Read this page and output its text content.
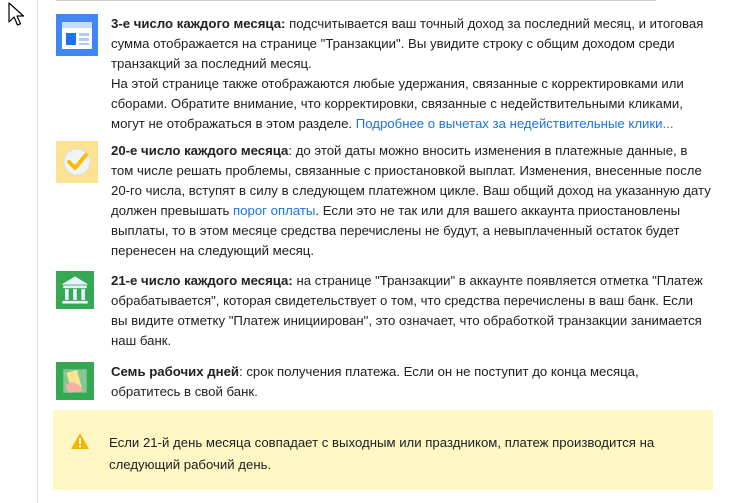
3-е число каждого месяца: подсчитывается ваш точный доход за последний месяц, и итоговая сумма отображается на странице "Транзакции". Вы увидите строку с общим доходом среди транзакций за последний месяц.
На этой странице также отображаются любые удержания, связанные с корректировками или сборами. Обратите внимание, что корректировки, связанные с недействительными кликами, могут не отображаться в этом разделе. Подробнее о вычетах за недействительные клики...
20-е число каждого месяца: до этой даты можно вносить изменения в платежные данные, в том числе решать проблемы, связанные с приостановкой выплат. Изменения, внесенные после 20-го числа, вступят в силу в следующем платежном цикле. Ваш общий доход на указанную дату должен превышать порог оплаты. Если это не так или для вашего аккаунта приостановлены выплаты, то в этом месяце средства перечислены не будут, а невыплаченный остаток будет перенесен на следующий месяц.
21-е число каждого месяца: на странице "Транзакции" в аккаунте появляется отметка "Платеж обрабатывается", которая свидетельствует о том, что средства перечислены в ваш банк. Если вы видите отметку "Платеж инициирован", это означает, что обработкой транзакции занимается наш банк.
Семь рабочих дней: срок получения платежа. Если он не поступит до конца месяца, обратитесь в свой банк.
Если 21-й день месяца совпадает с выходным или праздником, платеж производится на следующий рабочий день.
